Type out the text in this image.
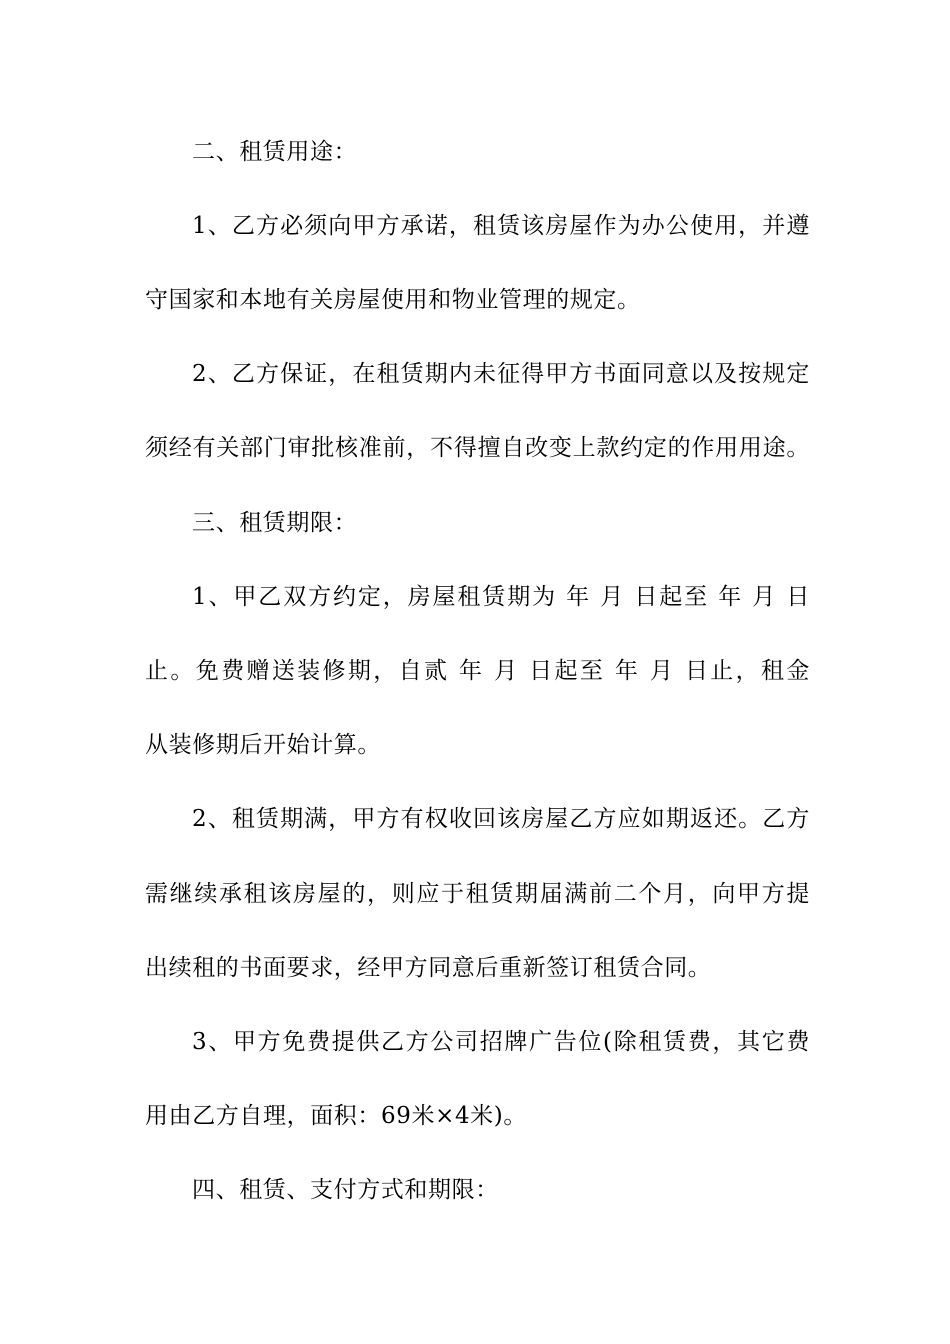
二、租赁用途：
1、乙方必须向甲方承诺，租赁该房屋作为办公使用，并遵
守国家和本地有关房屋使用和物业管理的规定。
2、乙方保证，在租赁期内未征得甲方书面同意以及按规定
须经有关部门审批核准前，不得擅自改变上款约定的作用用途。
三、租赁期限：
1、甲乙双方约定，房屋租赁期为 年 月 日起至 年 月 日
止。免费赠送装修期，自贰 年 月 日起至 年 月 日止，租金
从装修期后开始计算。
2、租赁期满，甲方有权收回该房屋乙方应如期返还。乙方
需继续承租该房屋的，则应于租赁期届满前二个月，向甲方提
出续租的书面要求，经甲方同意后重新签订租赁合同。
3、甲方免费提供乙方公司招牌广告位(除租赁费，其它费
用由乙方自理，面积：69米×4米)。
四、租赁、支付方式和期限：
